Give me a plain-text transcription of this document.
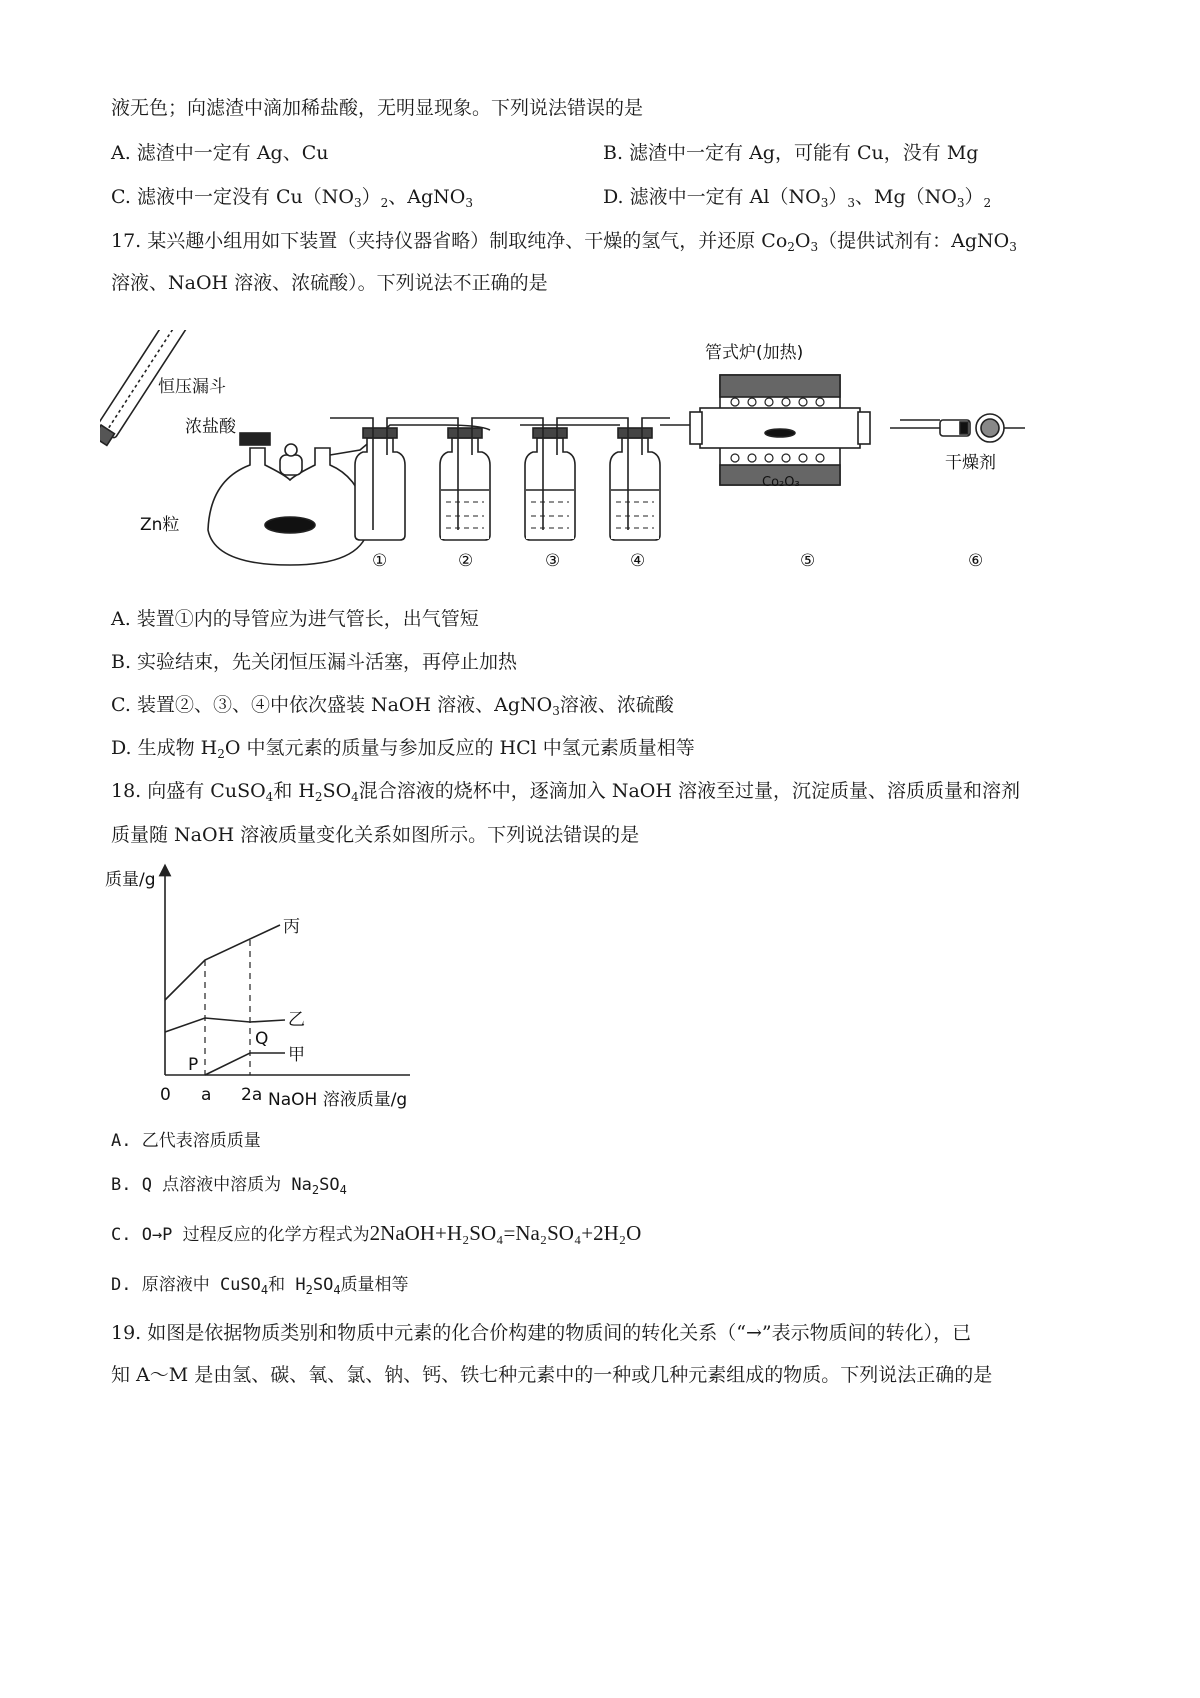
液无色；向滤渣中滴加稀盐酸，无明显现象。下列说法错误的是
A. 滤渣中一定有 Ag、Cu	B. 滤渣中一定有 Ag，可能有 Cu，没有 Mg
C. 滤液中一定没有 $Cu(NO_3)_2$、AgNO$_3$	D. 滤液中一定有 $Al(NO_3)_3$、$Mg(NO_3)_2$
17. 某兴趣小组用如下装置（夹持仪器省略）制取纯净、干燥的氢气，并还原 $Co_2O_3$（提供试剂有：AgNO$_3$
溶液、NaOH 溶液、浓硫酸）。下列说法不正确的是
恒压漏斗
浓盐酸
Zn粒
管式炉(加热)
Co₂O₃
干燥剂
①	②	③	④	⑤	⑥
A. 装置①内的导管应为进气管长，出气管短
B. 实验结束，先关闭恒压漏斗活塞，再停止加热
C. 装置②、③、④中依次盛装 NaOH 溶液、AgNO$_3$溶液、浓硫酸
D. 生成物 $H_2O$ 中氢元素的质量与参加反应的 HCl 中氢元素质量相等
18. 向盛有 CuSO$_4$和 $H_2SO_4$混合溶液的烧杯中，逐滴加入 NaOH 溶液至过量，沉淀质量、溶质质量和溶剂
质量随 NaOH 溶液质量变化关系如图所示。下列说法错误的是
质量/g
NaOH 溶液质量/g
0 a 2a
丙
乙
甲
P
Q
A. 乙代表溶质质量
B. Q 点溶液中溶质为 $Na_2SO_4$
C. O→P 过程反应的化学方程式为2NaOH+H₂SO₄=Na₂SO₄+2H₂O
D. 原溶液中 CuSO$_4$和 $H_2SO_4$质量相等
19. 如图是依据物质类别和物质中元素的化合价构建的物质间的转化关系（“→”表示物质间的转化），已
知 A～M 是由氢、碳、氧、氯、钠、钙、铁七种元素中的一种或几种元素组成的物质。下列说法正确的是
